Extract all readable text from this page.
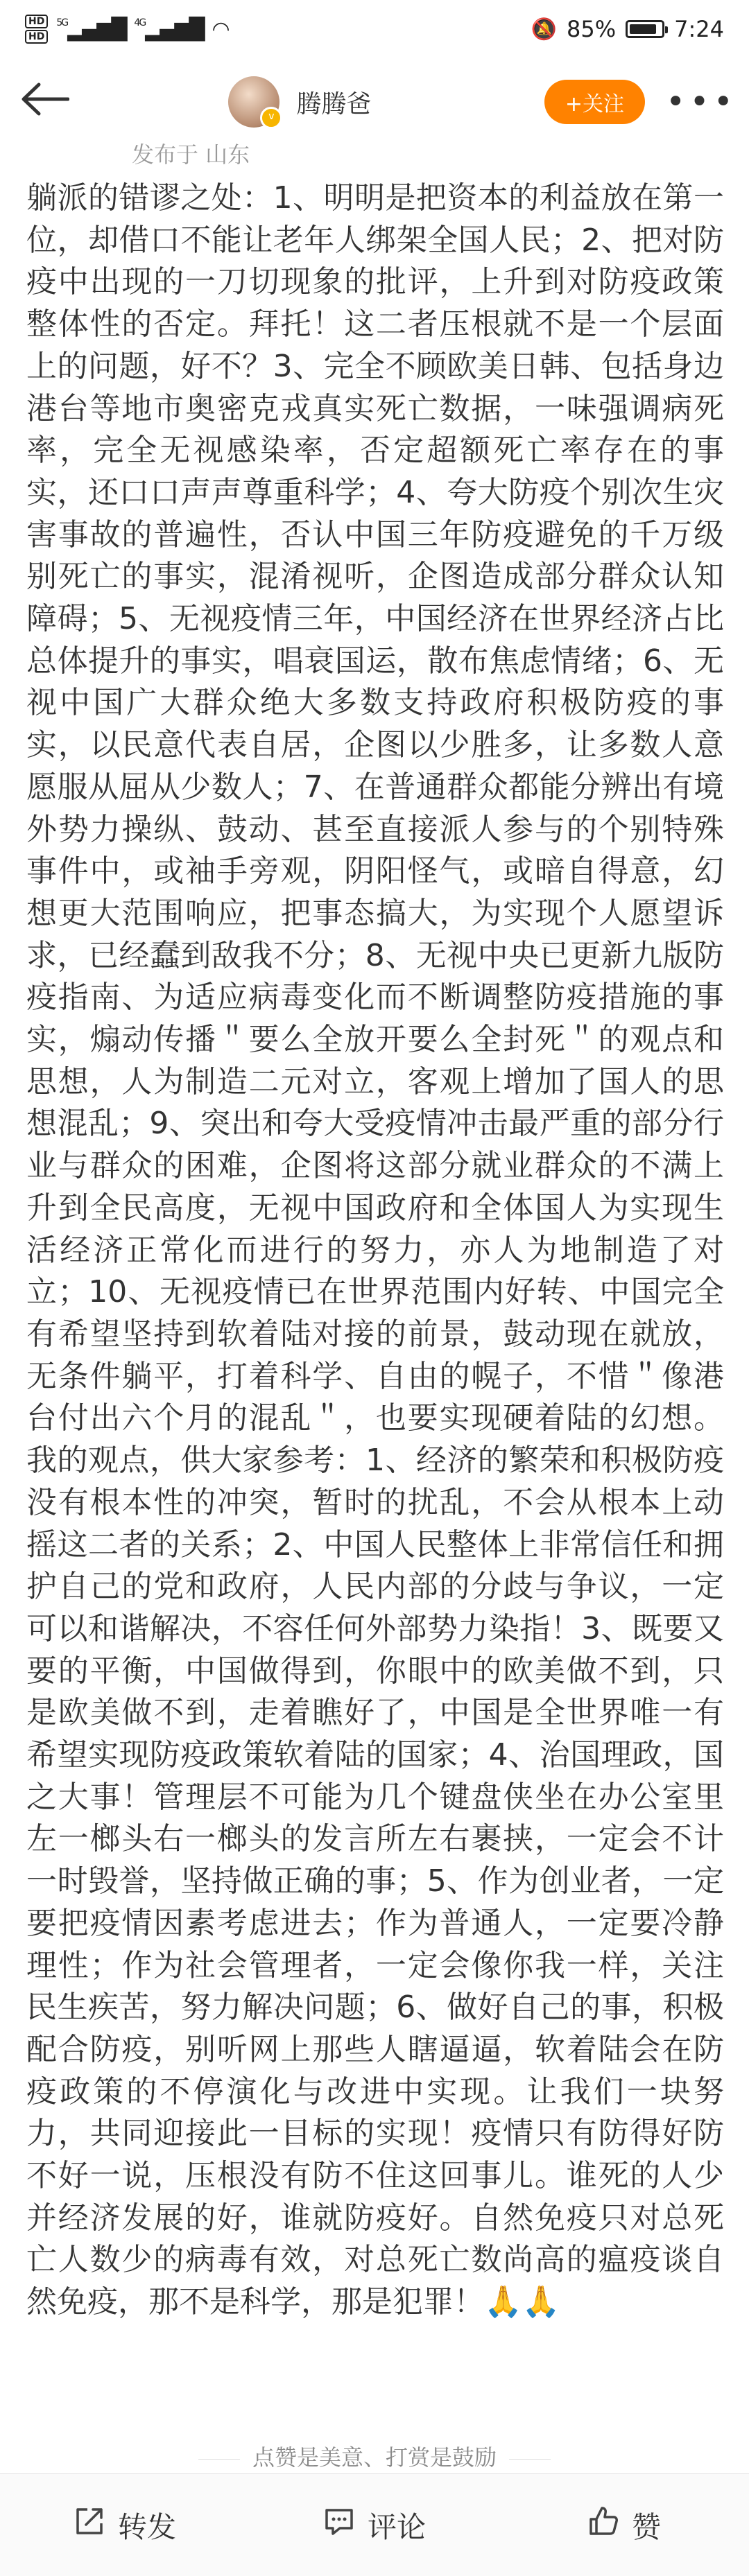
HD
HD
$^{5G}$▂▄▆█ $^{4G}$▂▄▆█ ◠	🔕 85%	7:24
v 腾腾爸	+关注	•••
发布于 山东
躺派的错谬之处：1、明明是把资本的利益放在第一位，却借口不能让老年人绑架全国人民；2、把对防疫中出现的一刀切现象的批评，上升到对防疫政策整体性的否定。拜托！这二者压根就不是一个层面上的问题，好不？3、完全不顾欧美日韩、包括身边港台等地市奥密克戎真实死亡数据，一味强调病死率，完全无视感染率，否定超额死亡率存在的事实，还口口声声尊重科学；4、夸大防疫个别次生灾害事故的普遍性，否认中国三年防疫避免的千万级别死亡的事实，混淆视听，企图造成部分群众认知障碍；5、无视疫情三年，中国经济在世界经济占比总体提升的事实，唱衰国运，散布焦虑情绪；6、无视中国广大群众绝大多数支持政府积极防疫的事实，以民意代表自居，企图以少胜多，让多数人意愿服从屈从少数人；7、在普通群众都能分辨出有境外势力操纵、鼓动、甚至直接派人参与的个别特殊事件中，或袖手旁观，阴阳怪气，或暗自得意，幻想更大范围响应，把事态搞大，为实现个人愿望诉求，已经蠢到敌我不分；8、无视中央已更新九版防疫指南、为适应病毒变化而不断调整防疫措施的事实，煽动传播＂要么全放开要么全封死＂的观点和思想，人为制造二元对立，客观上增加了国人的思想混乱；9、突出和夸大受疫情冲击最严重的部分行业与群众的困难，企图将这部分就业群众的不满上升到全民高度，无视中国政府和全体国人为实现生活经济正常化而进行的努力，亦人为地制造了对立；10、无视疫情已在世界范围内好转、中国完全有希望坚持到软着陆对接的前景，鼓动现在就放，无条件躺平，打着科学、自由的幌子，不惜＂像港台付出六个月的混乱＂，也要实现硬着陆的幻想。我的观点，供大家参考：1、经济的繁荣和积极防疫没有根本性的冲突，暂时的扰乱，不会从根本上动摇这二者的关系；2、中国人民整体上非常信任和拥护自己的党和政府，人民内部的分歧与争议，一定可以和谐解决，不容任何外部势力染指！3、既要又要的平衡，中国做得到，你眼中的欧美做不到，只是欧美做不到，走着瞧好了，中国是全世界唯一有希望实现防疫政策软着陆的国家；4、治国理政，国之大事！管理层不可能为几个键盘侠坐在办公室里左一榔头右一榔头的发言所左右裹挟，一定会不计一时毁誉，坚持做正确的事；5、作为创业者，一定要把疫情因素考虑进去；作为普通人，一定要冷静理性；作为社会管理者，一定会像你我一样，关注民生疾苦，努力解决问题；6、做好自己的事，积极配合防疫，别听网上那些人瞎逼逼，软着陆会在防疫政策的不停演化与改进中实现。让我们一块努力，共同迎接此一目标的实现！疫情只有防得好防不好一说，压根没有防不住这回事儿。谁死的人少并经济发展的好，谁就防疫好。自然免疫只对总死亡人数少的病毒有效，对总死亡数尚高的瘟疫谈自然免疫，那不是科学，那是犯罪！🙏🙏
点赞是美意、打赏是鼓励
转发	评论	赞
